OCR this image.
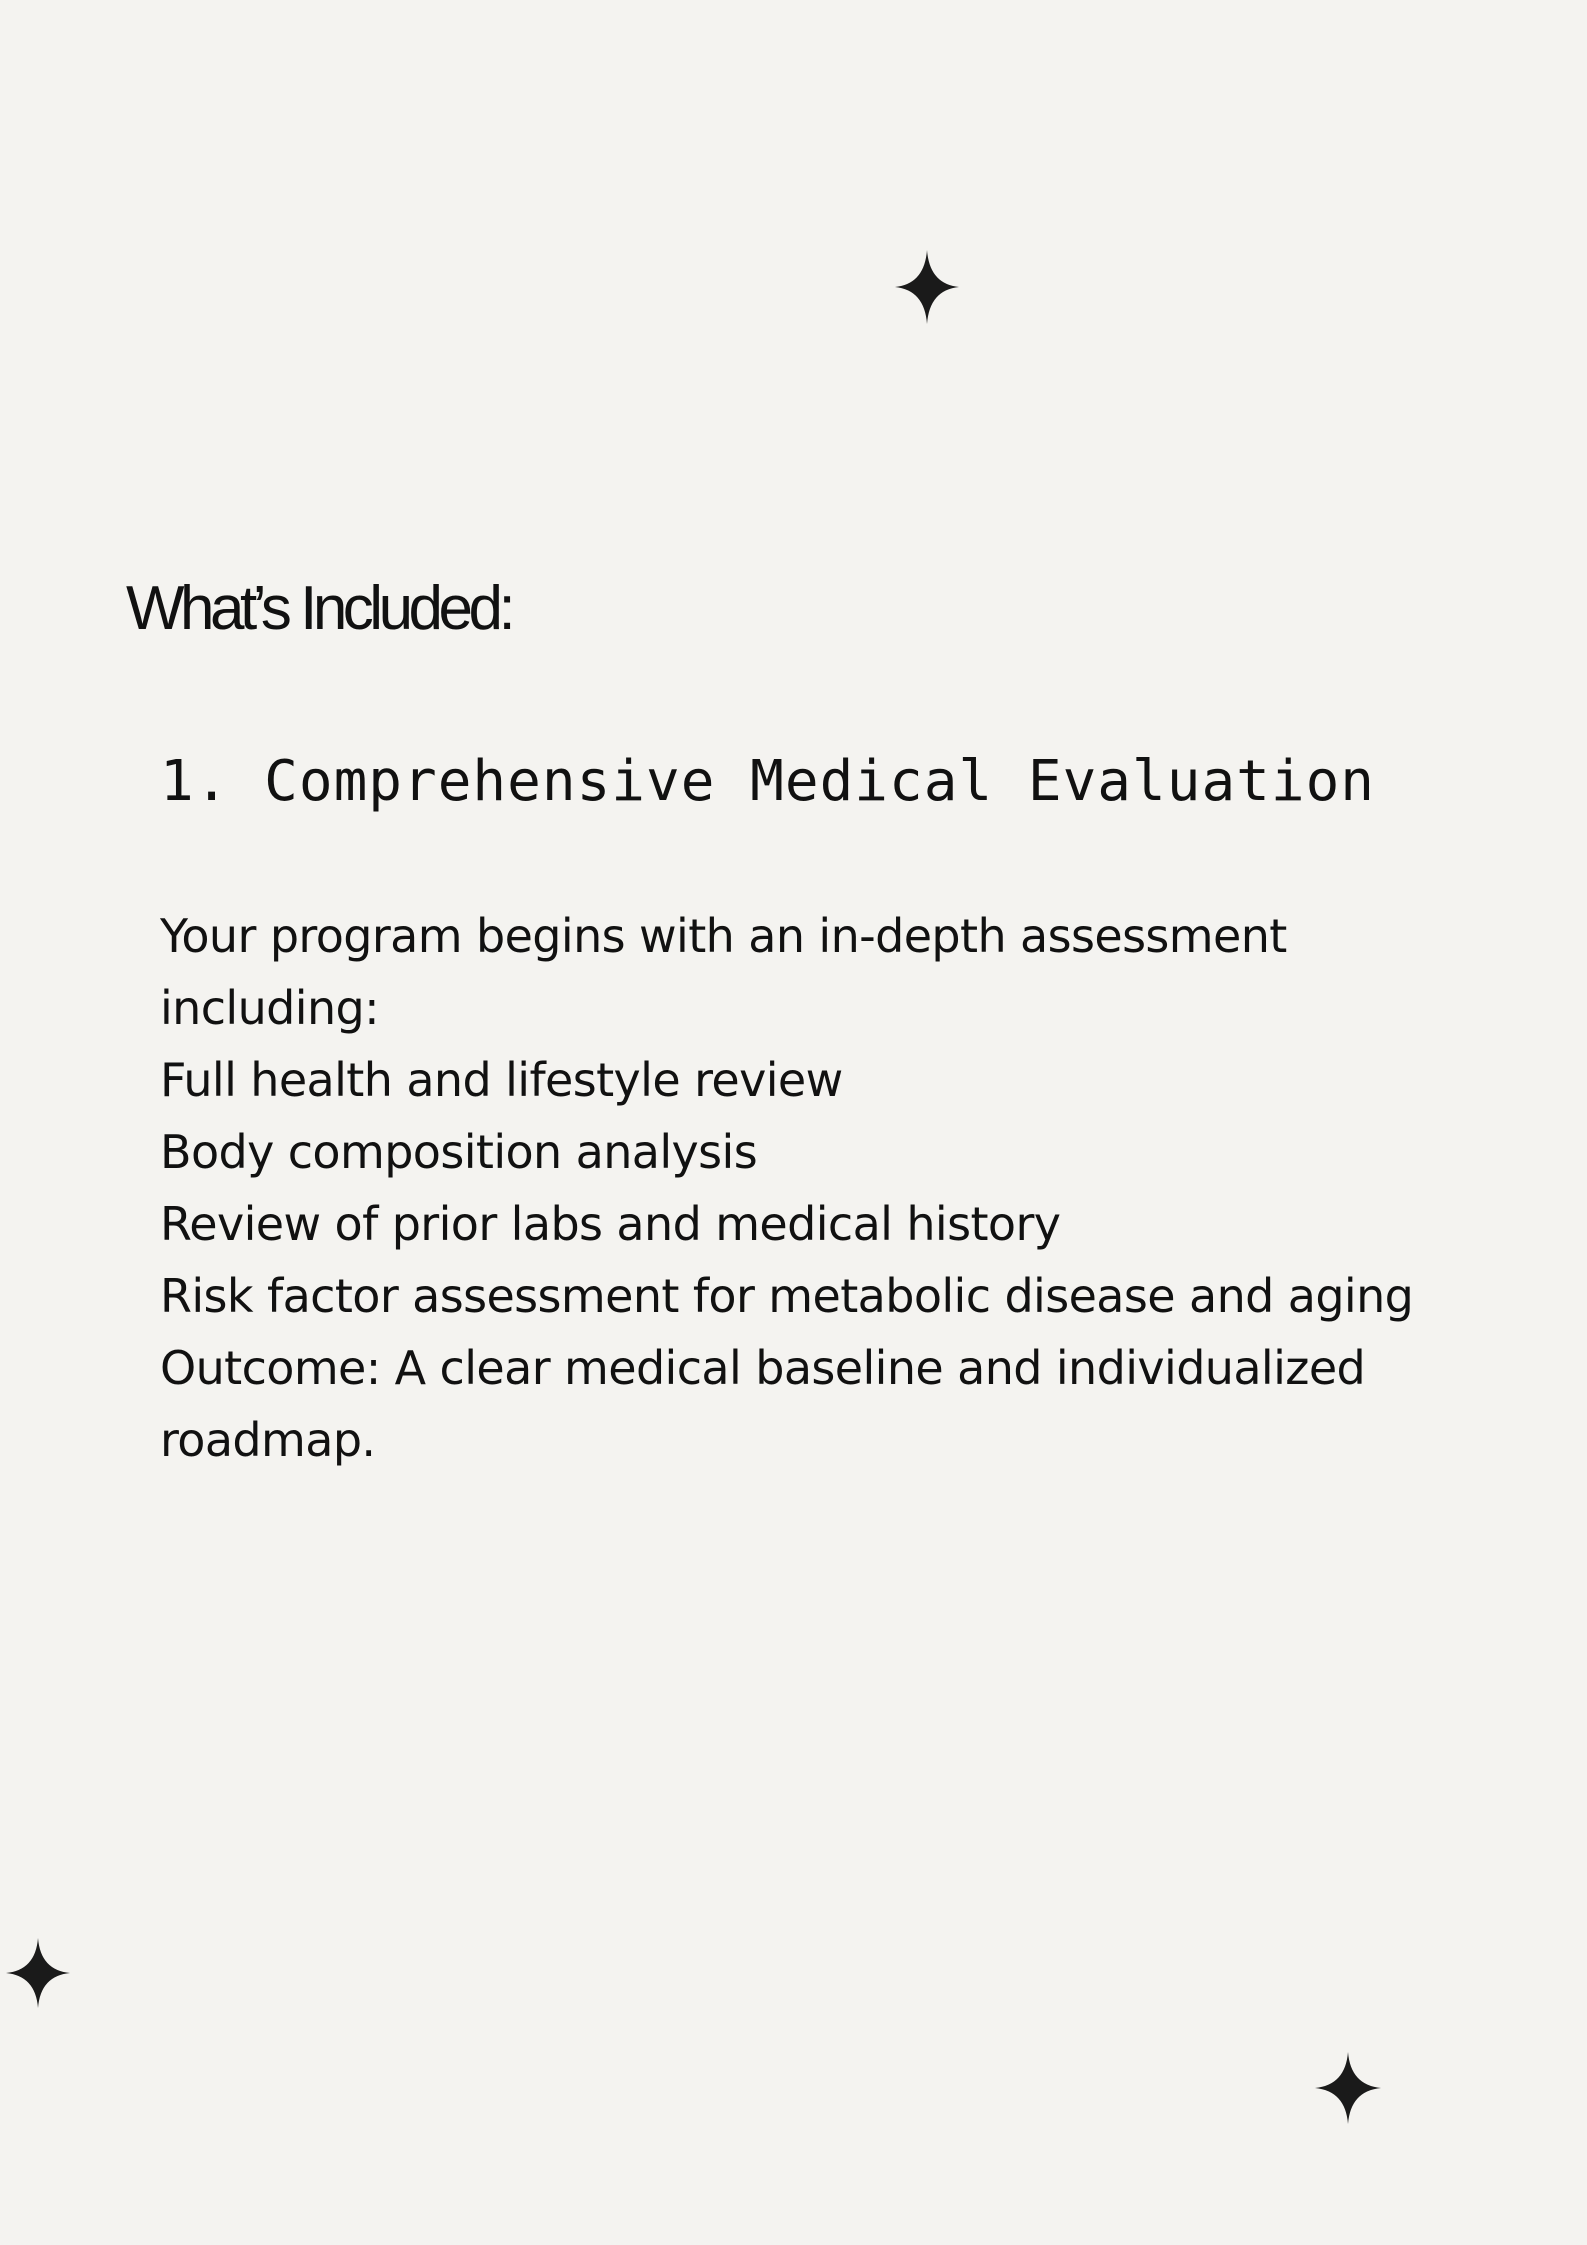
What’s Included:
1. Comprehensive Medical Evaluation

Your program begins with an in-depth assessment

including:

Full health and lifestyle review

Body composition analysis

Review of prior labs and medical history

Risk factor assessment for metabolic disease and aging

Outcome: A clear medical baseline and individualized

roadmap.
